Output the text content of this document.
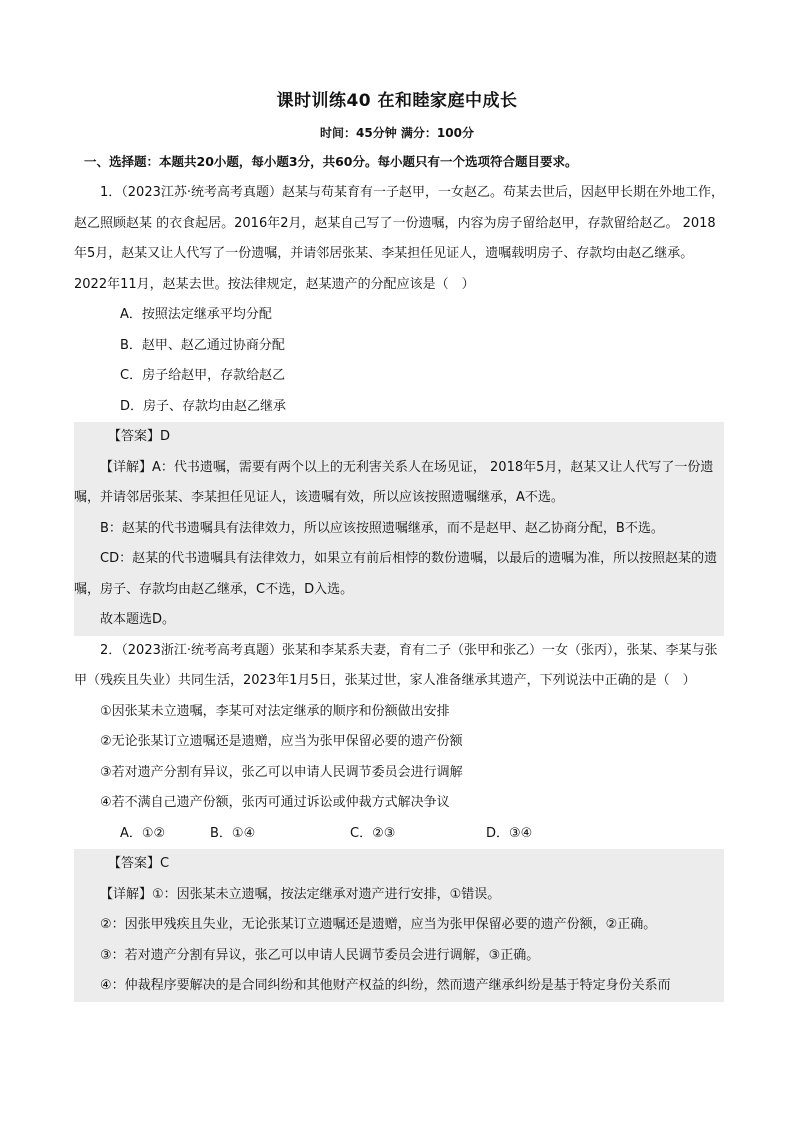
课时训练40 在和睦家庭中成长
时间：45分钟 满分：100分
一、选择题：本题共20小题，每小题3分，共60分。每小题只有一个选项符合题目要求。

1．（2023江苏·统考高考真题）赵某与苟某育有一子赵甲，一女赵乙。苟某去世后，因赵甲长期在外地工作，赵乙照顾赵某 的衣食起居。2016年2月，赵某自己写了一份遗嘱，内容为房子留给赵甲，存款留给赵乙。 2018年5月，赵某又让人代写了一份遗嘱，并请邻居张某、李某担任见证人，遗嘱载明房子、存款均由赵乙继承。2022年11月，赵某去世。按法律规定，赵某遗产的分配应该是（　）

A．按照法定继承平均分配

B．赵甲、赵乙通过协商分配

C．房子给赵甲，存款给赵乙

D．房子、存款均由赵乙继承

【答案】D

【详解】A：代书遗嘱，需要有两个以上的无利害关系人在场见证， 2018年5月，赵某又让人代写了一份遗嘱，并请邻居张某、李某担任见证人，该遗嘱有效，所以应该按照遗嘱继承，A不选。

B：赵某的代书遗嘱具有法律效力，所以应该按照遗嘱继承，而不是赵甲、赵乙协商分配，B不选。

CD：赵某的代书遗嘱具有法律效力，如果立有前后相悖的数份遗嘱，以最后的遗嘱为准，所以按照赵某的遗嘱，房子、存款均由赵乙继承，C不选，D入选。

故本题选D。

2．（2023浙江·统考高考真题）张某和李某系夫妻，育有二子（张甲和张乙）一女（张丙），张某、李某与张甲（残疾且失业）共同生活，2023年1月5日，张某过世，家人准备继承其遗产，下列说法中正确的是（　）

①因张某未立遗嘱，李某可对法定继承的顺序和份额做出安排

②无论张某订立遗嘱还是遗赠，应当为张甲保留必要的遗产份额

③若对遗产分割有异议，张乙可以申请人民调节委员会进行调解

④若不满自己遗产份额，张丙可通过诉讼或仲裁方式解决争议

A．①②	B．①④	C．②③	D．③④

【答案】C

【详解】①：因张某未立遗嘱，按法定继承对遗产进行安排，①错误。

②：因张甲残疾且失业，无论张某订立遗嘱还是遗赠，应当为张甲保留必要的遗产份额，②正确。

③：若对遗产分割有异议，张乙可以申请人民调节委员会进行调解，③正确。

④：仲裁程序要解决的是合同纠纷和其他财产权益的纠纷，然而遗产继承纠纷是基于特定身份关系而
